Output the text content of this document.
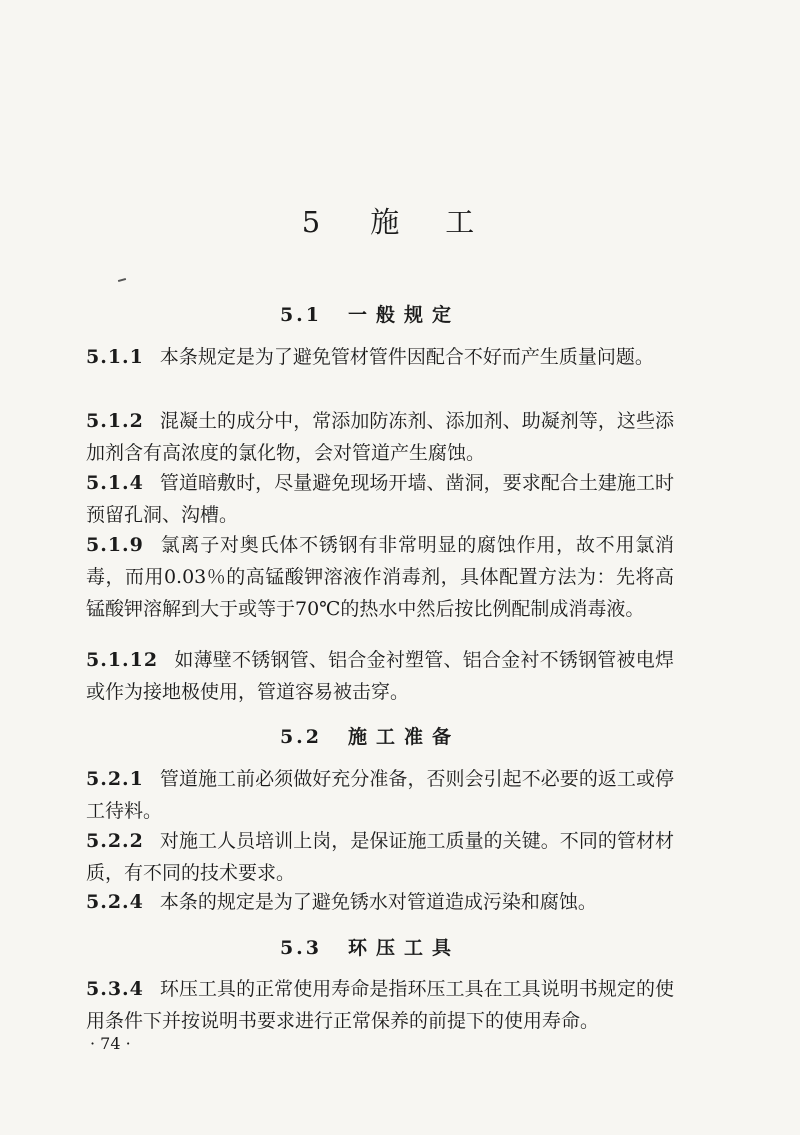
5 施 工
5.1 一般规定
5.1.1 本条规定是为了避免管材管件因配合不好而产生质量问题。
5.1.2 混凝土的成分中，常添加防冻剂、添加剂、助凝剂等，这些添加剂含有高浓度的氯化物，会对管道产生腐蚀。
5.1.4 管道暗敷时，尽量避免现场开墙、凿洞，要求配合土建施工时预留孔洞、沟槽。
5.1.9 氯离子对奥氏体不锈钢有非常明显的腐蚀作用，故不用氯消毒，而用0.03％的高锰酸钾溶液作消毒剂，具体配置方法为：先将高锰酸钾溶解到大于或等于70℃的热水中然后按比例配制成消毒液。
5.1.12 如薄壁不锈钢管、铝合金衬塑管、铝合金衬不锈钢管被电焊或作为接地极使用，管道容易被击穿。
5.2 施工准备
5.2.1 管道施工前必须做好充分准备，否则会引起不必要的返工或停工待料。
5.2.2 对施工人员培训上岗，是保证施工质量的关键。不同的管材材质，有不同的技术要求。
5.2.4 本条的规定是为了避免锈水对管道造成污染和腐蚀。
5.3 环压工具
5.3.4 环压工具的正常使用寿命是指环压工具在工具说明书规定的使用条件下并按说明书要求进行正常保养的前提下的使用寿命。
· 74 ·
